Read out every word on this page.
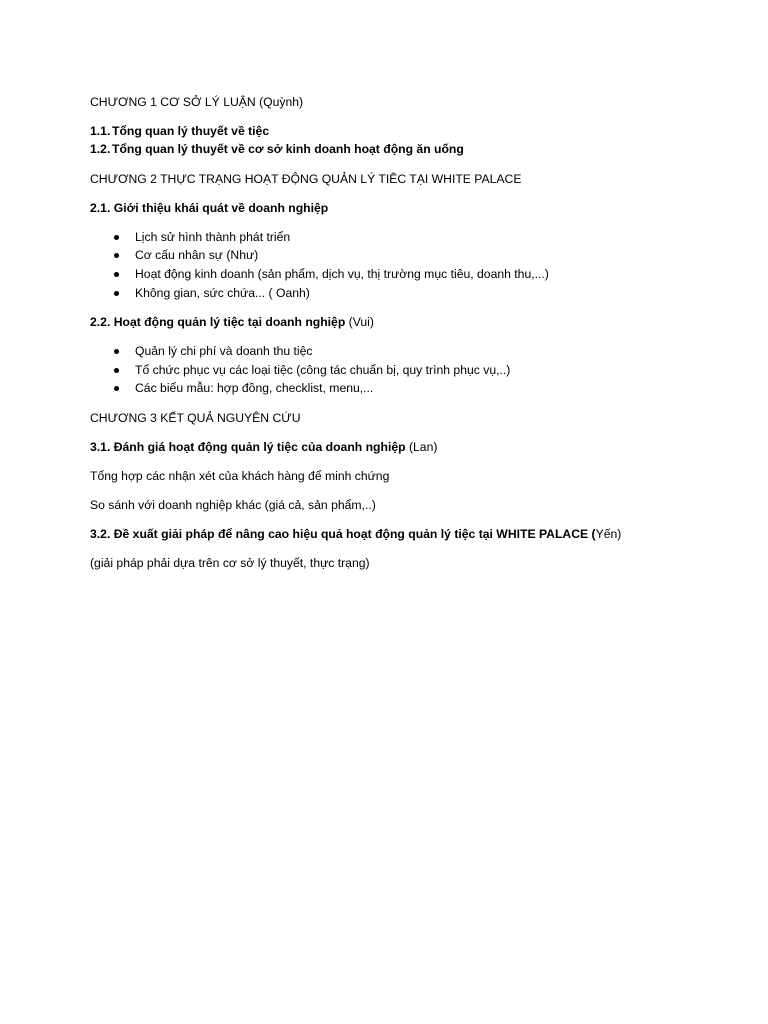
CHƯƠNG 1 CƠ SỞ LÝ LUẬN (Quỳnh)
1.1. Tổng quan lý thuyết về tiệc
1.2. Tổng quan lý thuyết về cơ sở kinh doanh hoạt động ăn uống
CHƯƠNG 2 THỰC TRẠNG HOẠT ĐỘNG QUẢN LÝ TIÊC TẠI WHITE PALACE
2.1. Giới thiệu khái quát về doanh nghiệp
Lịch sử hình thành phát triển
Cơ cấu nhân sự (Như)
Hoạt động kinh doanh (sản phẩm, dịch vụ, thị trường mục tiêu, doanh thu,...)
Không gian, sức chứa... ( Oanh)
2.2. Hoạt động quản lý tiệc tại doanh nghiệp (Vui)
Quản lý chi phí và doanh thu tiệc
Tổ chức phục vụ các loại tiệc (công tác chuẩn bị, quy trình phục vụ,..)
Các biểu mẫu: hợp đồng, checklist, menu,...
CHƯƠNG 3 KẾT QUẢ NGUYÊN CỨU
3.1. Đánh giá hoạt động quản lý tiệc của doanh nghiệp (Lan)
Tổng hợp các nhận xét của khách hàng để minh chứng
So sánh với doanh nghiệp khác (giá cả, sản phẩm,..)
3.2. Đề xuất giải pháp để nâng cao hiệu quả hoạt động quản lý tiệc tại WHITE PALACE (Yến)
(giải pháp phải dựa trên cơ sở lý thuyết, thực trạng)
